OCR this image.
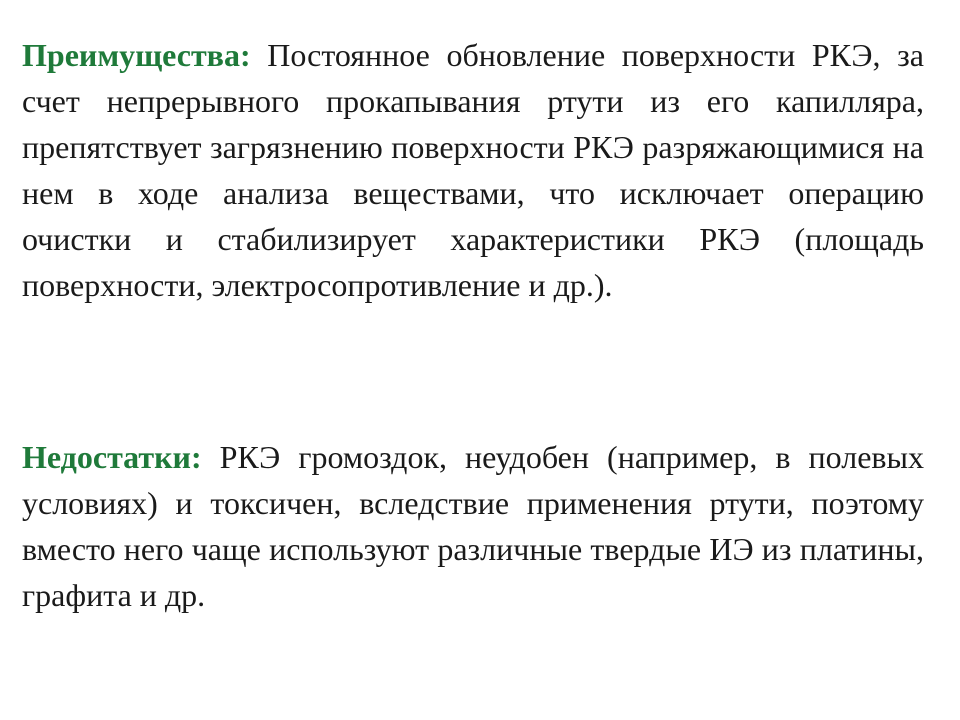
Преимущества: Постоянное обновление поверхности РКЭ, за счет непрерывного прокапывания ртути из его капилляра, препятствует загрязнению поверхности РКЭ разряжающимися на нем в ходе анализа веществами, что исключает операцию очистки и стабилизирует характеристики РКЭ (площадь поверхности, электросопротивление и др.).

Недостатки: РКЭ громоздок, неудобен (например, в полевых условиях) и токсичен, вследствие применения ртути, поэтому вместо него чаще используют различные твердые ИЭ из платины, графита и др.
